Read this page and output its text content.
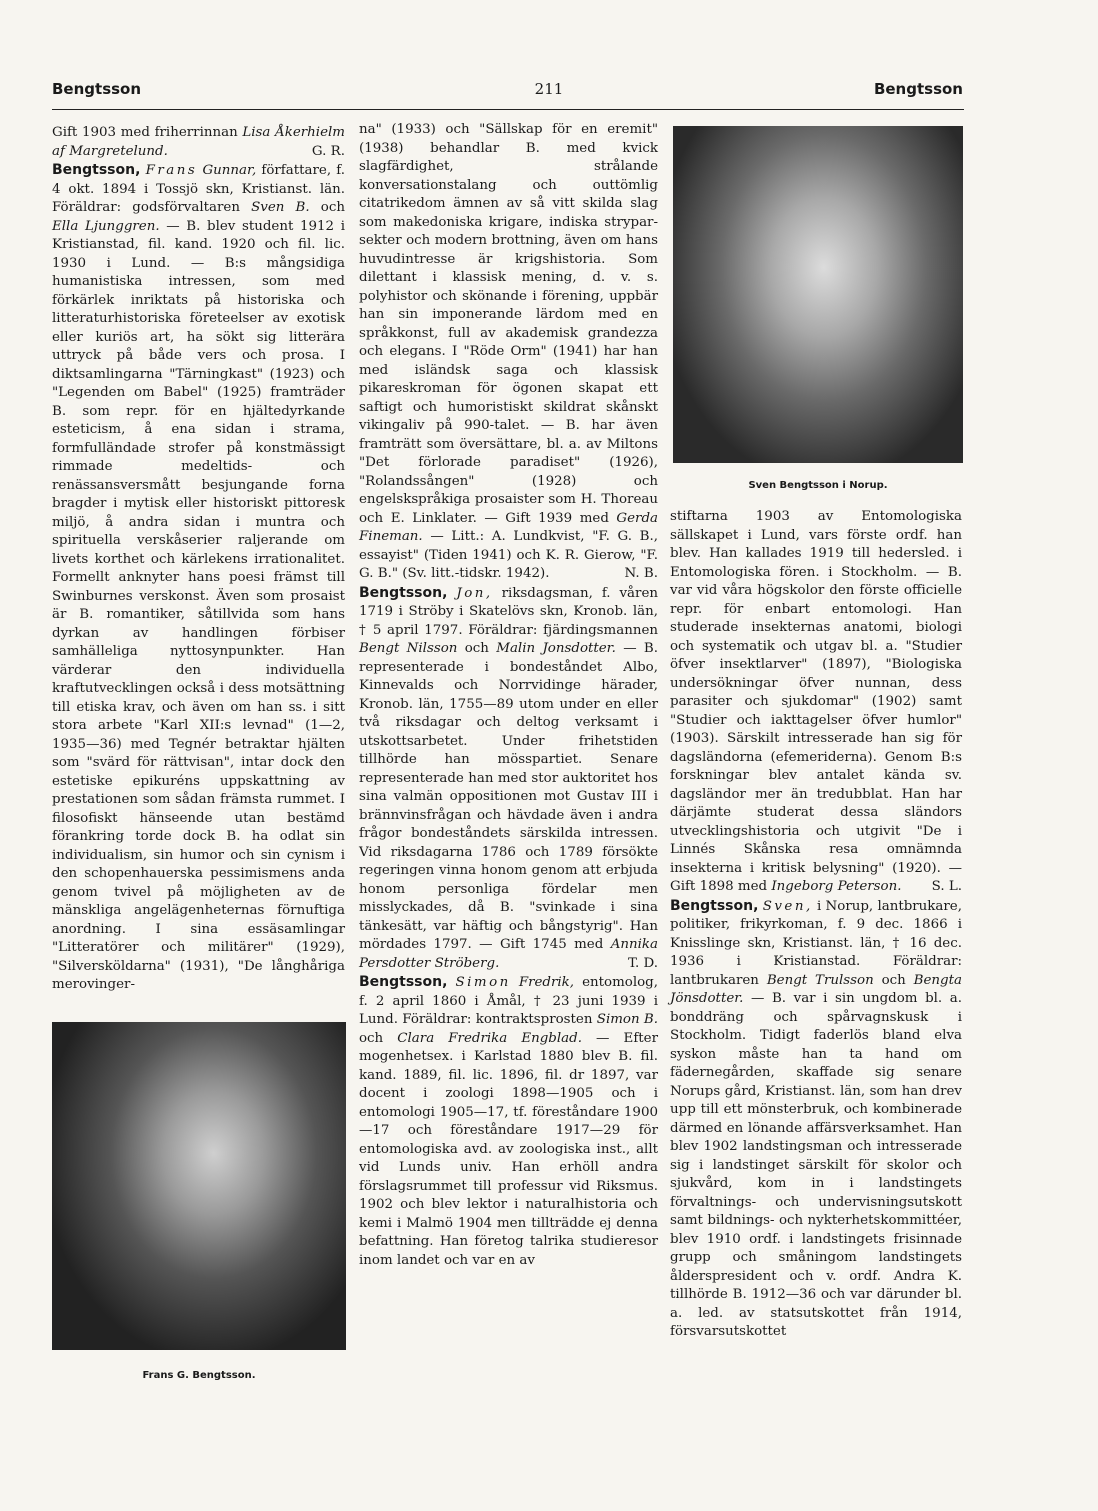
Bengtsson	211	Bengtsson

Gift 1903 med friherrinnan Lisa Åkerhielm af Margretelund.	G. R.

Bengtsson, Frans Gunnar, författare, f. 4 okt. 1894 i Tossjö skn, Kristianst. län. Föräldrar: godsförvaltaren Sven B. och Ella Ljunggren. — B. blev student 1912 i Kristianstad, fil. kand. 1920 och fil. lic. 1930 i Lund. — B:s mångsidiga humanistiska intressen, som med förkärlek inriktats på historiska och litteraturhistoriska företeelser av exotisk eller kuriös art, ha sökt sig litterära uttryck på både vers och prosa. I diktsamlingarna "Tärningkast" (1923) och "Legenden om Babel" (1925) framträder B. som repr. för en hjältedyrkande esteticism, å ena sidan i strama, formfulländade strofer på konstmässigt rimmade medeltids- och renässansversmått besjungande forna bragder i mytisk eller historiskt pittoresk miljö, å andra sidan i muntra och spirituella verskåserier raljerande om livets korthet och kärlekens irrationalitet. Formellt anknyter hans poesi främst till Swinburnes verskonst. Även som prosaist är B. romantiker, såtillvida som hans dyrkan av handlingen förbiser samhälleliga nyttosynpunkter. Han värderar den individuella kraftutvecklingen också i dess motsättning till etiska krav, och även om han ss. i sitt stora arbete "Karl XII:s levnad" (1—2, 1935—36) med Tegnér betraktar hjälten som "svärd för rättvisan", intar dock den estetiske epikuréns uppskattning av prestationen som sådan främsta rummet. I filosofiskt hänseende utan bestämd förankring torde dock B. ha odlat sin individualism, sin humor och sin cynism i den schopenhauerska pessimismens anda genom tvivel på möjligheten av de mänskliga angelägenheternas förnuftiga anordning. I sina essäsamlingar "Litteratörer och militärer" (1929), "Silversköldarna" (1931), "De långhåriga merovinger-

Frans G. Bengtsson.

na" (1933) och "Sällskap för en eremit" (1938) behandlar B. med kvick slagfärdighet, strålande konversationstalang och outtömlig citatrikedom ämnen av så vitt skilda slag som makedoniska krigare, indiska strypar-sekter och modern brottning, även om hans huvudintresse är krigshistoria. Som dilettant i klassisk mening, d. v. s. polyhistor och skönande i förening, uppbär han sin imponerande lärdom med en språkkonst, full av akademisk grandezza och elegans. I "Röde Orm" (1941) har han med isländsk saga och klassisk pikareskroman för ögonen skapat ett saftigt och humoristiskt skildrat skånskt vikingaliv på 990-talet. — B. har även framträtt som översättare, bl. a. av Miltons "Det förlorade paradiset" (1926), "Rolandssången" (1928) och engelskspråkiga prosaister som H. Thoreau och E. Linklater. — Gift 1939 med Gerda Fineman. — Litt.: A. Lundkvist, "F. G. B., essayist" (Tiden 1941) och K. R. Gierow, "F. G. B." (Sv. litt.-tidskr. 1942).	N. B.

Bengtsson, Jon, riksdagsman, f. våren 1719 i Ströby i Skatelövs skn, Kronob. län, † 5 april 1797. Föräldrar: fjärdingsmannen Bengt Nilsson och Malin Jonsdotter. — B. representerade i bondeståndet Albo, Kinnevalds och Norrvidinge härader, Kronob. län, 1755—89 utom under en eller två riksdagar och deltog verksamt i utskottsarbetet. Under frihetstiden tillhörde han mösspartiet. Senare representerade han med stor auktoritet hos sina valmän oppositionen mot Gustav III i brännvinsfrågan och hävdade även i andra frågor bondeståndets särskilda intressen. Vid riksdagarna 1786 och 1789 försökte regeringen vinna honom genom att erbjuda honom personliga fördelar men misslyckades, då B. "svinkade i sina tänkesätt, var häftig och bångstyrig". Han mördades 1797. — Gift 1745 med Annika Persdotter Ströberg.	T. D.

Bengtsson, Simon Fredrik, entomolog, f. 2 april 1860 i Åmål, † 23 juni 1939 i Lund. Föräldrar: kontraktsprosten Simon B. och Clara Fredrika Engblad. — Efter mogenhetsex. i Karlstad 1880 blev B. fil. kand. 1889, fil. lic. 1896, fil. dr 1897, var docent i zoologi 1898—1905 och i entomologi 1905—17, tf. föreståndare 1900—17 och föreståndare 1917—29 för entomologiska avd. av zoologiska inst., allt vid Lunds univ. Han erhöll andra förslagsrummet till professur vid Riksmus. 1902 och blev lektor i naturalhistoria och kemi i Malmö 1904 men tillträdde ej denna befattning. Han företog talrika studieresor inom landet och var en av

Sven Bengtsson i Norup.

stiftarna 1903 av Entomologiska sällskapet i Lund, vars förste ordf. han blev. Han kallades 1919 till hedersled. i Entomologiska fören. i Stockholm. — B. var vid våra högskolor den förste officielle repr. för enbart entomologi. Han studerade insekternas anatomi, biologi och systematik och utgav bl. a. "Studier öfver insektlarver" (1897), "Biologiska undersökningar öfver nunnan, dess parasiter och sjukdomar" (1902) samt "Studier och iakttagelser öfver humlor" (1903). Särskilt intresserade han sig för dagsländorna (efemeriderna). Genom B:s forskningar blev antalet kända sv. dagsländor mer än tredubblat. Han har därjämte studerat dessa sländors utvecklingshistoria och utgivit "De i Linnés Skånska resa omnämnda insekterna i kritisk belysning" (1920). — Gift 1898 med Ingeborg Peterson. S. L.

Bengtsson, Sven, i Norup, lantbrukare, politiker, frikyrkoman, f. 9 dec. 1866 i Knisslinge skn, Kristianst. län, † 16 dec. 1936 i Kristianstad. Föräldrar: lantbrukaren Bengt Trulsson och Bengta Jönsdotter. — B. var i sin ungdom bl. a. bonddräng och spårvagnskusk i Stockholm. Tidigt faderlös bland elva syskon måste han ta hand om fädernegården, skaffade sig senare Norups gård, Kristianst. län, som han drev upp till ett mönsterbruk, och kombinerade därmed en lönande affärsverksamhet. Han blev 1902 landstingsman och intresserade sig i landstinget särskilt för skolor och sjukvård, kom in i landstingets förvaltnings- och undervisningsutskott samt bildnings- och nykterhetskommittéer, blev 1910 ordf. i landstingets frisinnade grupp och småningom landstingets ålderspresident och v. ordf. Andra K. tillhörde B. 1912—36 och var därunder bl. a. led. av statsutskottet från 1914, försvarsutskottet
